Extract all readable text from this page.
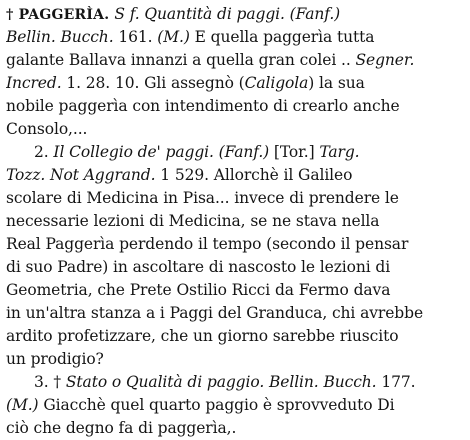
† PAGGERÌA. S f. Quantità di paggi. (Fanf.)
Bellin. Bucch. 161. (M.) E quella paggerìa tutta
galante Ballava innanzi a quella gran colei .. Segner.
Incred. 1. 28. 10. Gli assegnò (Caligola) la sua
nobile paggerìa con intendimento di crearlo anche
Consolo,...
2. Il Collegio de' paggi. (Fanf.) [Tor.] Targ.
Tozz. Not Aggrand. 1 529. Allorchè il Galileo
scolare di Medicina in Pisa... invece di prendere le
necessarie lezioni di Medicina, se ne stava nella
Real Paggerìa perdendo il tempo (secondo il pensar
di suo Padre) in ascoltare di nascosto le lezioni di
Geometria, che Prete Ostilio Ricci da Fermo dava
in un'altra stanza a i Paggi del Granduca, chi avrebbe
ardito profetizzare, che un giorno sarebbe riuscito
un prodigio?
3. † Stato o Qualità di paggio. Bellin. Bucch. 177.
(M.) Giacchè quel quarto paggio è sprovveduto Di
ciò che degno fa di paggerìa,.
